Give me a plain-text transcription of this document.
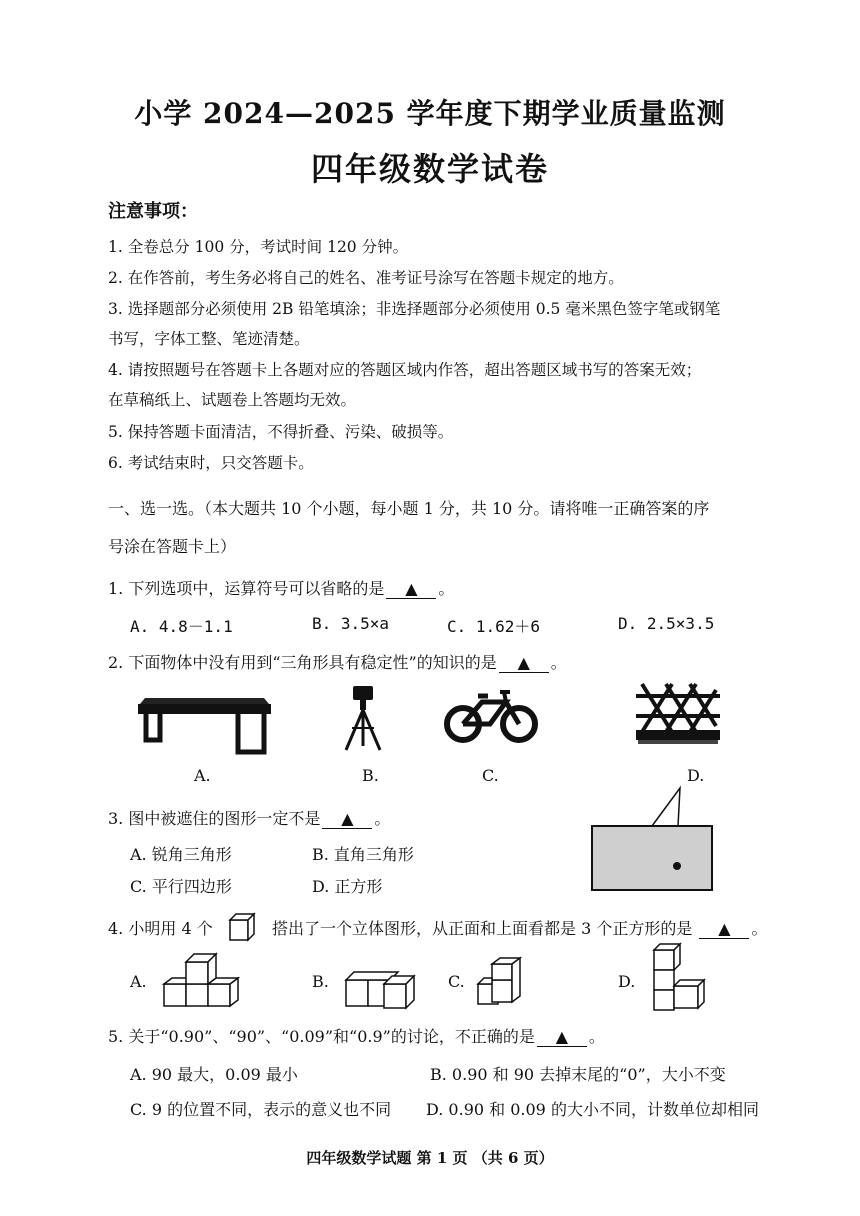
小学 2024—2025 学年度下期学业质量监测
四年级数学试卷
注意事项：
1. 全卷总分 100 分，考试时间 120 分钟。
2. 在作答前，考生务必将自己的姓名、准考证号涂写在答题卡规定的地方。
3. 选择题部分必须使用 2B 铅笔填涂；非选择题部分必须使用 0.5 毫米黑色签字笔或钢笔
书写，字体工整、笔迹清楚。
4. 请按照题号在答题卡上各题对应的答题区域内作答，超出答题区域书写的答案无效；
在草稿纸上、试题卷上答题均无效。
5. 保持答题卡面清洁，不得折叠、污染、破损等。
6. 考试结束时，只交答题卡。
一、选一选。（本大题共 10 个小题，每小题 1 分，共 10 分。请将唯一正确答案的序
号涂在答题卡上）
1. 下列选项中，运算符号可以省略的是 ▲ 。
A. 4.8－1.1	B. 3.5×a	C. 1.62＋6	D. 2.5×3.5
2. 下面物体中没有用到“三角形具有稳定性”的知识的是 ▲ 。
A.	B.	C.	D.
3. 图中被遮住的图形一定不是 ▲ 。
A. 锐角三角形	B. 直角三角形
C. 平行四边形	D. 正方形
4. 小明用 4 个	搭出了一个立体图形，从正面和上面看都是 3 个正方形的是 ▲ 。
A.	B.	C.	D.
5. 关于“0.90”、“90”、“0.09”和“0.9”的讨论，不正确的是 ▲ 。
A. 90 最大，0.09 最小	B. 0.90 和 90 去掉末尾的“0”，大小不变
C. 9 的位置不同，表示的意义也不同 D. 0.90 和 0.09 的大小不同，计数单位却相同
四年级数学试题 第 1 页 （共 6 页）
